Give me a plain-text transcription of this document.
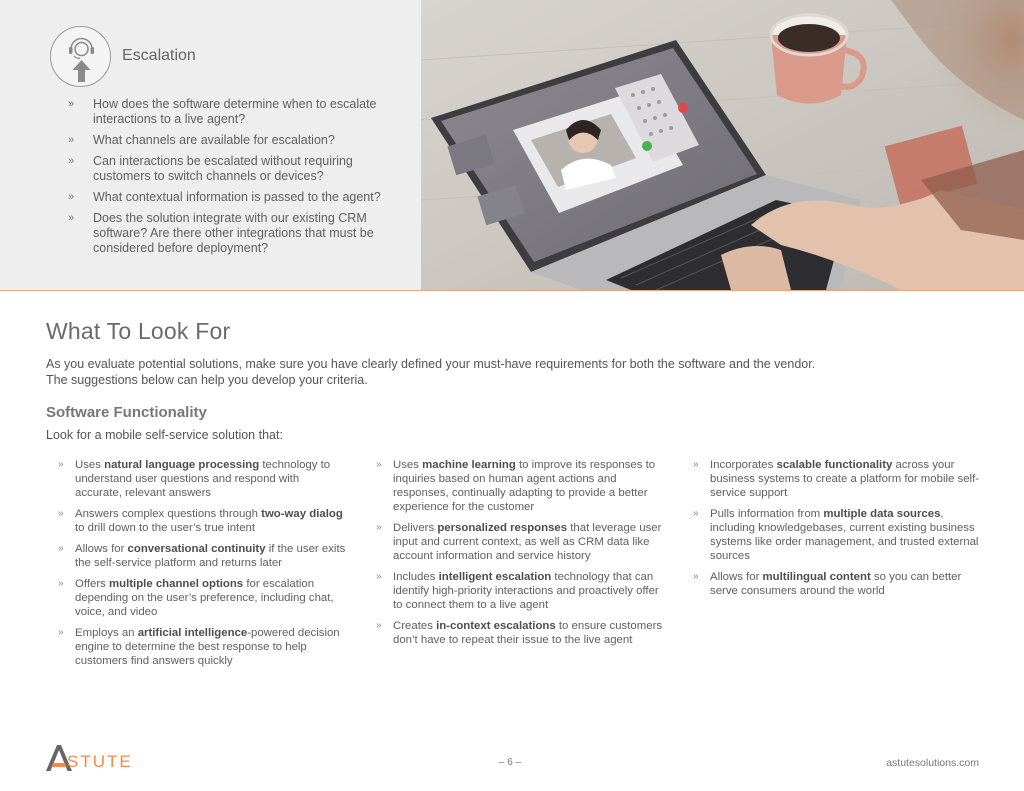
Escalation
» How does the software determine when to escalate interactions to a live agent?
» What channels are available for escalation?
» Can interactions be escalated without requiring customers to switch channels or devices?
» What contextual information is passed to the agent?
» Does the solution integrate with our existing CRM software? Are there other integrations that must be considered before deployment?
What To Look For
As you evaluate potential solutions, make sure you have clearly defined your must-have requirements for both the software and the vendor.
The suggestions below can help you develop your criteria.
Software Functionality
Look for a mobile self-service solution that:
» Uses natural language processing technology to understand user questions and respond with accurate, relevant answers
» Answers complex questions through two-way dialog to drill down to the user’s true intent
» Allows for conversational continuity if the user exits the self-service platform and returns later
» Offers multiple channel options for escalation depending on the user’s preference, including chat, voice, and video
» Employs an artificial intelligence-powered decision engine to determine the best response to help customers find answers quickly
» Uses machine learning to improve its responses to inquiries based on human agent actions and responses, continually adapting to provide a better experience for the customer
» Delivers personalized responses that leverage user input and current context, as well as CRM data like account information and service history
» Includes intelligent escalation technology that can identify high-priority interactions and proactively offer to connect them to a live agent
» Creates in-context escalations to ensure customers don’t have to repeat their issue to the live agent
» Incorporates scalable functionality across your business systems to create a platform for mobile self-service support
» Pulls information from multiple data sources, including knowledgebases, current existing business systems like order management, and trusted external sources
» Allows for multilingual content so you can better serve consumers around the world
STUTE	– 6 –	astutesolutions.com
